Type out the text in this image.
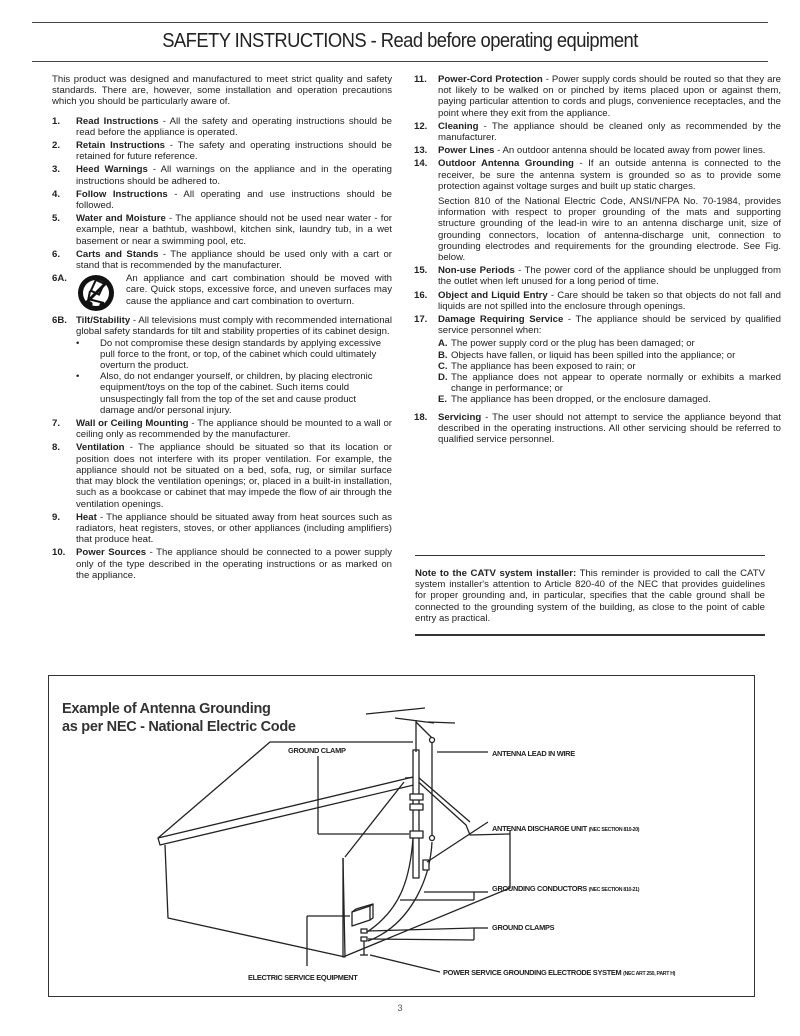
SAFETY INSTRUCTIONS - Read before operating equipment
This product was designed and manufactured to meet strict quality and safety standards. There are, however, some installation and operation precautions which you should be particularly aware of.
1.	Read Instructions - All the safety and operating instructions should be read before the appliance is operated.
2.	Retain Instructions - The safety and operating instructions should be retained for future reference.
3.	Heed Warnings - All warnings on the appliance and in the operating instructions should be adhered to.
4.	Follow Instructions - All operating and use instructions should be followed.
5.	Water and Moisture - The appliance should not be used near water - for example, near a bathtub, washbowl, kitchen sink, laundry tub, in a wet basement or near a swimming pool, etc.
6.	Carts and Stands - The appliance should be used only with a cart or stand that is recommended by the manufacturer.
6A.	An appliance and cart combination should be moved with care. Quick stops, excessive force, and uneven surfaces may cause the appliance and cart combination to overturn.
6B. Tilt/Stability - All televisions must comply with recommended international global safety standards for tilt and stability properties of its cabinet design.
•	Do not compromise these design standards by applying excessive pull force to the front, or top, of the cabinet which could ultimately overturn the product.
•	Also, do not endanger yourself, or children, by placing electronic equipment/toys on the top of the cabinet. Such items could unsuspectingly fall from the top of the set and cause product damage and/or personal injury.
7.	Wall or Ceiling Mounting - The appliance should be mounted to a wall or ceiling only as recommended by the manufacturer.
8.	Ventilation - The appliance should be situated so that its location or position does not interfere with its proper ventilation. For example, the appliance should not be situated on a bed, sofa, rug, or similar surface that may block the ventilation openings; or, placed in a built-in installation, such as a bookcase or cabinet that may impede the flow of air through the ventilation openings.
9.	Heat - The appliance should be situated away from heat sources such as radiators, heat registers, stoves, or other appliances (including amplifiers) that produce heat.
10.	Power Sources - The appliance should be connected to a power supply only of the type described in the operating instructions or as marked on the appliance.
11.	Power-Cord Protection - Power supply cords should be routed so that they are not likely to be walked on or pinched by items placed upon or against them, paying particular attention to cords and plugs, convenience receptacles, and the point where they exit from the appliance.
12.	Cleaning - The appliance should be cleaned only as recommended by the manufacturer.
13.	Power Lines - An outdoor antenna should be located away from power lines.
14.	Outdoor Antenna Grounding - If an outside antenna is connected to the receiver, be sure the antenna system is grounded so as to provide some protection against voltage surges and built up static charges.
Section 810 of the National Electric Code, ANSI/NFPA No. 70-1984, provides information with respect to proper grounding of the mats and supporting structure grounding of the lead-in wire to an antenna discharge unit, size of grounding connectors, location of antenna-discharge unit, connection to grounding electrodes and requirements for the grounding electrode. See Fig. below.
15.	Non-use Periods - The power cord of the appliance should be unplugged from the outlet when left unused for a long period of time.
16.	Object and Liquid Entry - Care should be taken so that objects do not fall and liquids are not spilled into the enclosure through openings.
17.	Damage Requiring Service - The appliance should be serviced by qualified service personnel when:
A. The power supply cord or the plug has been damaged; or
B. Objects have fallen, or liquid has been spilled into the appliance; or
C. The appliance has been exposed to rain; or
D. The appliance does not appear to operate normally or exhibits a marked change in performance; or
E. The appliance has been dropped, or the enclosure damaged.
18.	Servicing - The user should not attempt to service the appliance beyond that described in the operating instructions. All other servicing should be referred to qualified service personnel.
Note to the CATV system installer: This reminder is provided to call the CATV system installer's attention to Article 820-40 of the NEC that provides guidelines for proper grounding and, in particular, specifies that the cable ground shall be connected to the grounding system of the building, as close to the point of cable entry as practical.
Example of Antenna Grounding
as per NEC - National Electric Code
GROUND CLAMP	ANTENNA LEAD IN WIRE
ANTENNA DISCHARGE UNIT (NEC SECTION 810-20)
GROUNDING CONDUCTORS (NEC SECTION 810-21)
GROUND CLAMPS
ELECTRIC SERVICE EQUIPMENT
POWER SERVICE GROUNDING ELECTRODE SYSTEM (NEC ART 250, PART H)
3
